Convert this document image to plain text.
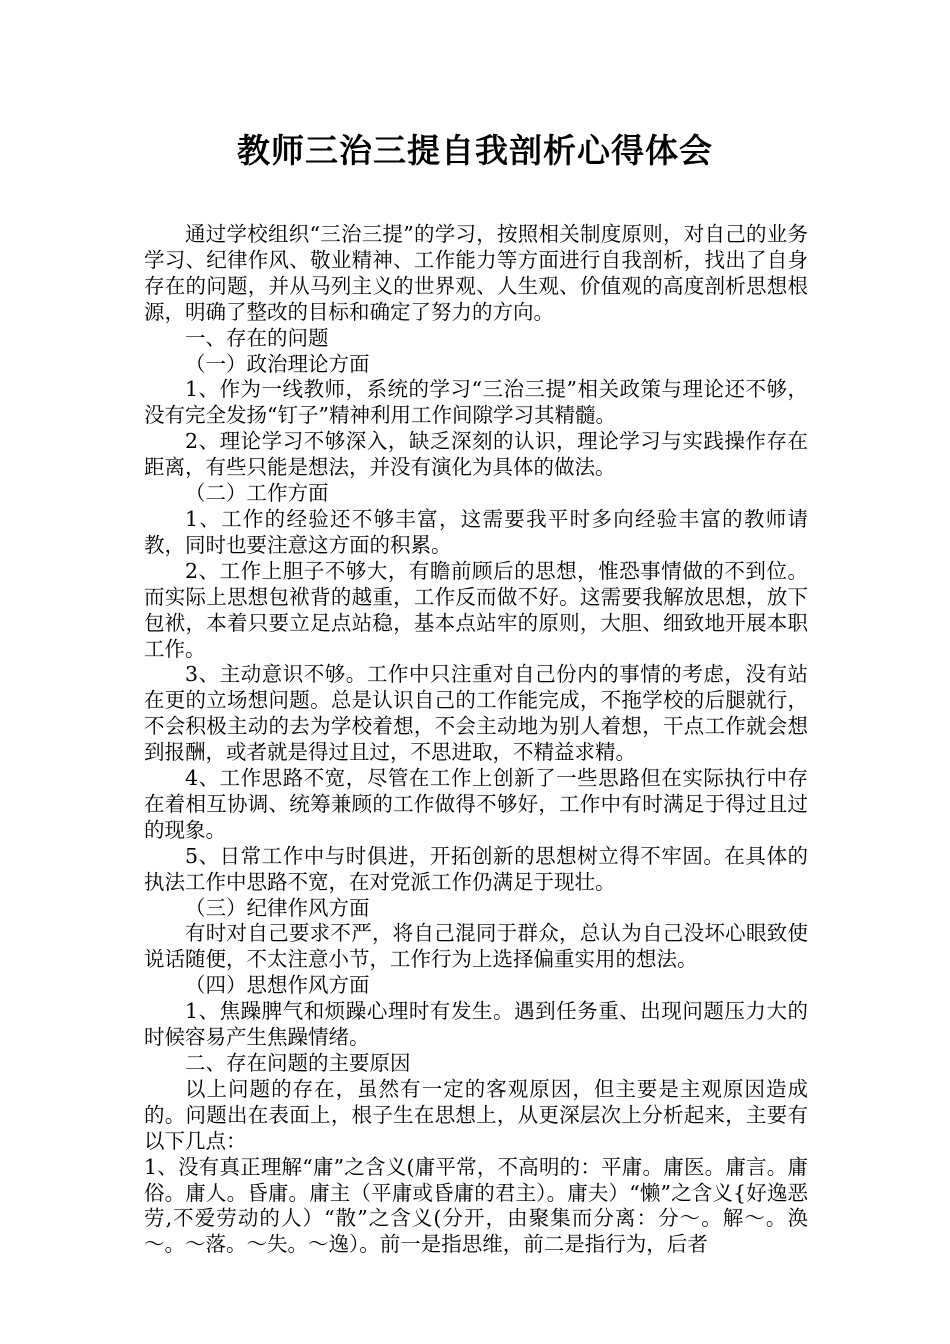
教师三治三提自我剖析心得体会

通过学校组织“三治三提”的学习，按照相关制度原则，对自己的业务学习、纪律作风、敬业精神、工作能力等方面进行自我剖析，找出了自身存在的问题，并从马列主义的世界观、人生观、价值观的高度剖析思想根源，明确了整改的目标和确定了努力的方向。

一、存在的问题

（一）政治理论方面

1、作为一线教师，系统的学习“三治三提”相关政策与理论还不够，没有完全发扬“钉子”精神利用工作间隙学习其精髓。

2、理论学习不够深入，缺乏深刻的认识，理论学习与实践操作存在距离，有些只能是想法，并没有演化为具体的做法。

（二）工作方面

1、工作的经验还不够丰富，这需要我平时多向经验丰富的教师请教，同时也要注意这方面的积累。

2、工作上胆子不够大，有瞻前顾后的思想，惟恐事情做的不到位。而实际上思想包袱背的越重，工作反而做不好。这需要我解放思想，放下包袱，本着只要立足点站稳，基本点站牢的原则，大胆、细致地开展本职工作。

3、主动意识不够。工作中只注重对自己份内的事情的考虑，没有站在更的立场想问题。总是认识自己的工作能完成，不拖学校的后腿就行，不会积极主动的去为学校着想，不会主动地为别人着想，干点工作就会想到报酬，或者就是得过且过，不思进取，不精益求精。

4、工作思路不宽，尽管在工作上创新了一些思路但在实际执行中存在着相互协调、统筹兼顾的工作做得不够好，工作中有时满足于得过且过的现象。

5、日常工作中与时俱进，开拓创新的思想树立得不牢固。在具体的执法工作中思路不宽，在对党派工作仍满足于现壮。

（三）纪律作风方面

有时对自己要求不严，将自己混同于群众，总认为自己没坏心眼致使说话随便，不太注意小节，工作行为上选择偏重实用的想法。

（四）思想作风方面

1、焦躁脾气和烦躁心理时有发生。遇到任务重、出现问题压力大的时候容易产生焦躁情绪。

二、存在问题的主要原因

以上问题的存在，虽然有一定的客观原因，但主要是主观原因造成的。问题出在表面上，根子生在思想上，从更深层次上分析起来，主要有以下几点：

1、没有真正理解“庸”之含义(庸平常，不高明的：平庸。庸医。庸言。庸俗。庸人。昏庸。庸主（平庸或昏庸的君主）。庸夫）“懒”之含义{好逸恶劳,不爱劳动的人）“散”之含义(分开，由聚集而分离：分～。解～。涣～。～落。～失。～逸）。前一是指思维，前二是指行为，后者
